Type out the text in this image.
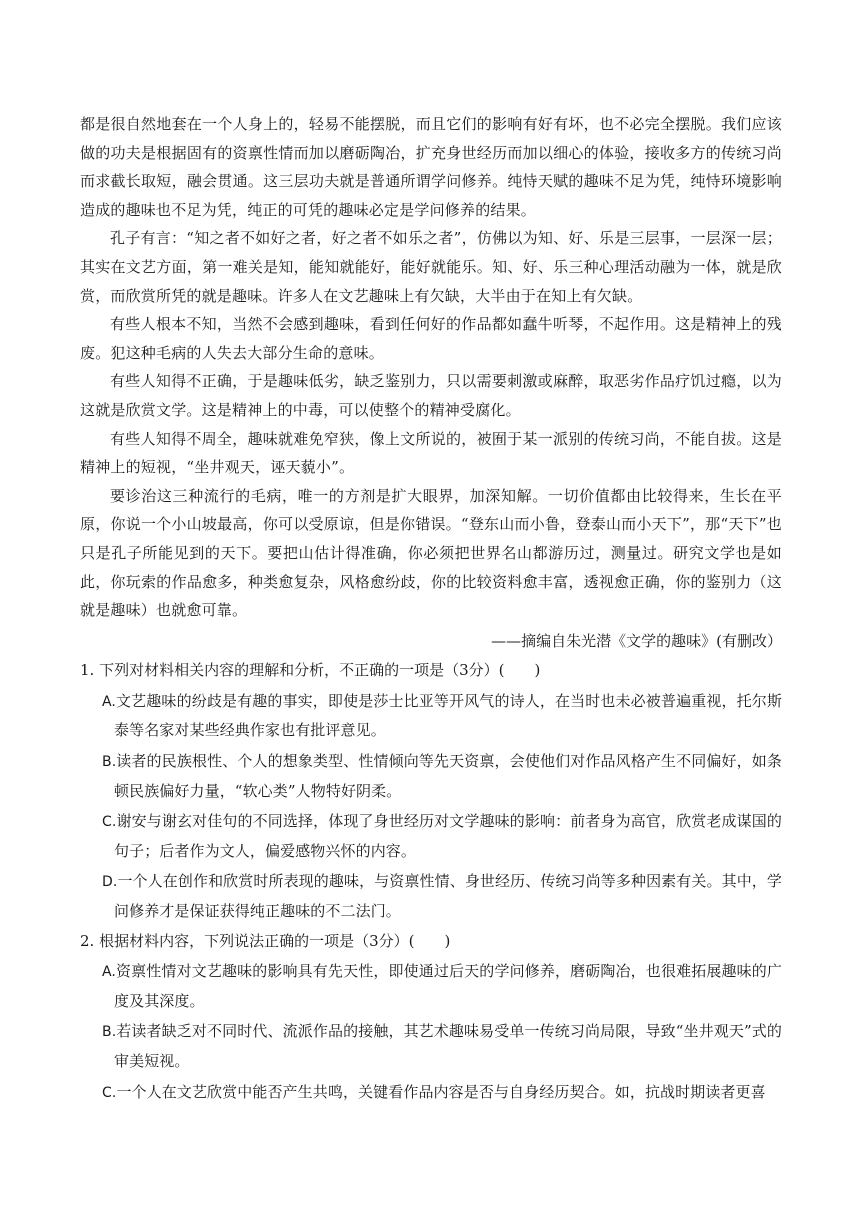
都是很自然地套在一个人身上的，轻易不能摆脱，而且它们的影响有好有坏，也不必完全摆脱。我们应该做的功夫是根据固有的资禀性情而加以磨砺陶冶，扩充身世经历而加以细心的体验，接收多方的传统习尚而求截长取短，融会贯通。这三层功夫就是普通所谓学问修养。纯恃天赋的趣味不足为凭，纯恃环境影响造成的趣味也不足为凭，纯正的可凭的趣味必定是学问修养的结果。

孔子有言：“知之者不如好之者，好之者不如乐之者”，仿佛以为知、好、乐是三层事，一层深一层；其实在文艺方面，第一难关是知，能知就能好，能好就能乐。知、好、乐三种心理活动融为一体，就是欣赏，而欣赏所凭的就是趣味。许多人在文艺趣味上有欠缺，大半由于在知上有欠缺。

有些人根本不知，当然不会感到趣味，看到任何好的作品都如蠢牛听琴，不起作用。这是精神上的残废。犯这种毛病的人失去大部分生命的意味。

有些人知得不正确，于是趣味低劣，缺乏鉴别力，只以需要刺激或麻醉，取恶劣作品疗饥过瘾，以为这就是欣赏文学。这是精神上的中毒，可以使整个的精神受腐化。

有些人知得不周全，趣味就难免窄狭，像上文所说的，被囿于某一派别的传统习尚，不能自拔。这是精神上的短视，“坐井观天，诬天藐小”。

要诊治这三种流行的毛病，唯一的方剂是扩大眼界，加深知解。一切价值都由比较得来，生长在平原，你说一个小山坡最高，你可以受原谅，但是你错误。“登东山而小鲁，登泰山而小天下”，那“天下”也只是孔子所能见到的天下。要把山估计得准确，你必须把世界名山都游历过，测量过。研究文学也是如此，你玩索的作品愈多，种类愈复杂，风格愈纷歧，你的比较资料愈丰富，透视愈正确，你的鉴别力（这就是趣味）也就愈可靠。

——摘编自朱光潜《文学的趣味》(有删改）

1. 下列对材料相关内容的理解和分析，不正确的一项是（3分）(　　)

A.文艺趣味的纷歧是有趣的事实，即使是莎士比亚等开风气的诗人，在当时也未必被普遍重视，托尔斯泰等名家对某些经典作家也有批评意见。

B.读者的民族根性、个人的想象类型、性情倾向等先天资禀，会使他们对作品风格产生不同偏好，如条顿民族偏好力量，“软心类”人物特好阴柔。

C.谢安与谢玄对佳句的不同选择，体现了身世经历对文学趣味的影响：前者身为高官，欣赏老成谋国的句子；后者作为文人，偏爱感物兴怀的内容。

D.一个人在创作和欣赏时所表现的趣味，与资禀性情、身世经历、传统习尚等多种因素有关。其中，学问修养才是保证获得纯正趣味的不二法门。

2. 根据材料内容，下列说法正确的一项是（3分）(　　)

A.资禀性情对文艺趣味的影响具有先天性，即使通过后天的学问修养，磨砺陶冶，也很难拓展趣味的广度及其深度。

B.若读者缺乏对不同时代、流派作品的接触，其艺术趣味易受单一传统习尚局限，导致“坐井观天”式的审美短视。

C.一个人在文艺欣赏中能否产生共鸣，关键看作品内容是否与自身经历契合。如，抗战时期读者更喜
